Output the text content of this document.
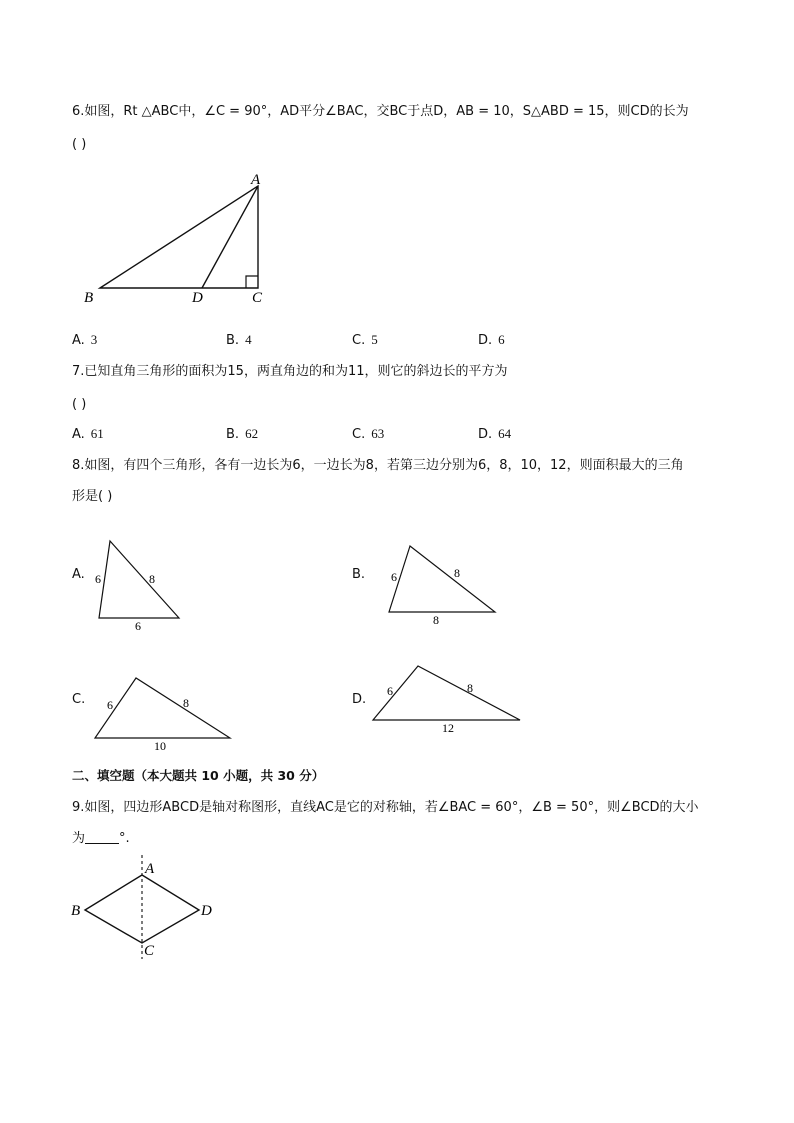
6.如图，Rt △ABC中，∠C = 90°，AD平分∠BAC，交BC于点D，AB = 10，S△ABD = 15，则CD的长为
( )
A
B	D	C
A. 3	B. 4	C. 5	D. 6
7.已知直角三角形的面积为15，两直角边的和为11，则它的斜边长的平方为
( )
A. 61	B. 62	C. 63	D. 64
8.如图，有四个三角形，各有一边长为6，一边长为8，若第三边分别为6，8，10，12，则面积最大的三角
形是( )
A. 6	8
6
B. 6	8
8
C. 6	8
10
D.
6	8
12
二、填空题（本大题共 10 小题，共 30 分）
9.如图，四边形ABCD是轴对称图形，直线AC是它的对称轴，若∠BAC = 60°，∠B = 50°，则∠BCD的大小
为	°.
A
B
C
D
